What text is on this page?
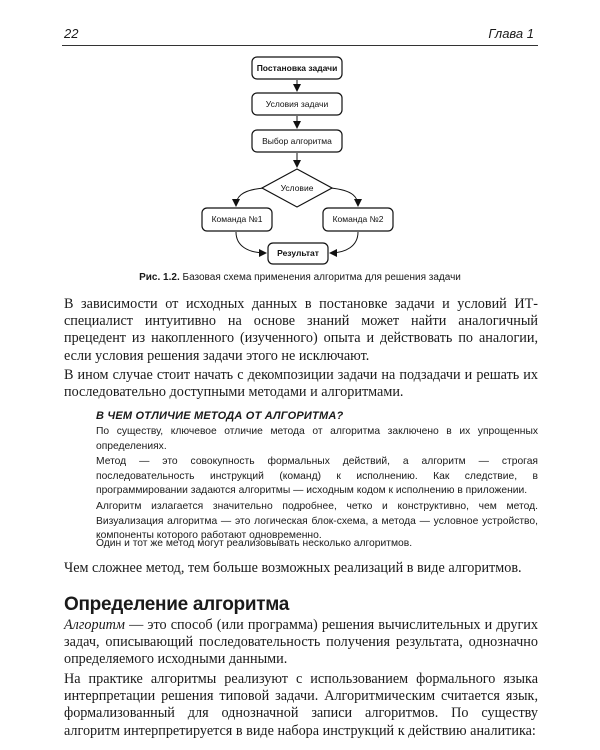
22	Глава 1
Постановка задачи
Условия задачи
Выбор алгоритма
Условие
Команда №1	Команда №2
Результат
Рис. 1.2. Базовая схема применения алгоритма для решения задачи
В зависимости от исходных данных в постановке задачи и условий ИТ-специалист интуитивно на основе знаний может найти аналогичный прецедент из накопленного (изученного) опыта и действовать по аналогии, если условия решения задачи этого не исключают.
В ином случае стоит начать с декомпозиции задачи на подзадачи и решать их последовательно доступными методами и алгоритмами.
В ЧЕМ ОТЛИЧИЕ МЕТОДА ОТ АЛГОРИТМА?
По существу, ключевое отличие метода от алгоритма заключено в их упрощенных определениях.
Метод — это совокупность формальных действий, а алгоритм — строгая последовательность инструкций (команд) к исполнению. Как следствие, в программировании задаются алгоритмы — исходным кодом к исполнению в приложении.
Алгоритм излагается значительно подробнее, четко и конструктивно, чем метод. Визуализация алгоритма — это логическая блок-схема, а метода — условное устройство, компоненты которого работают одновременно.
Один и тот же метод могут реализовывать несколько алгоритмов.
Чем сложнее метод, тем больше возможных реализаций в виде алгоритмов.
Определение алгоритма
Алгоритм — это способ (или программа) решения вычислительных и других задач, описывающий последовательность получения результата, однозначно определяемого исходными данными.
На практике алгоритмы реализуют с использованием формального языка интерпретации решения типовой задачи. Алгоритмическим считается язык, формализованный для однозначной записи алгоритмов. По существу алгоритм интерпретируется в виде набора инструкций к действию аналитика:
